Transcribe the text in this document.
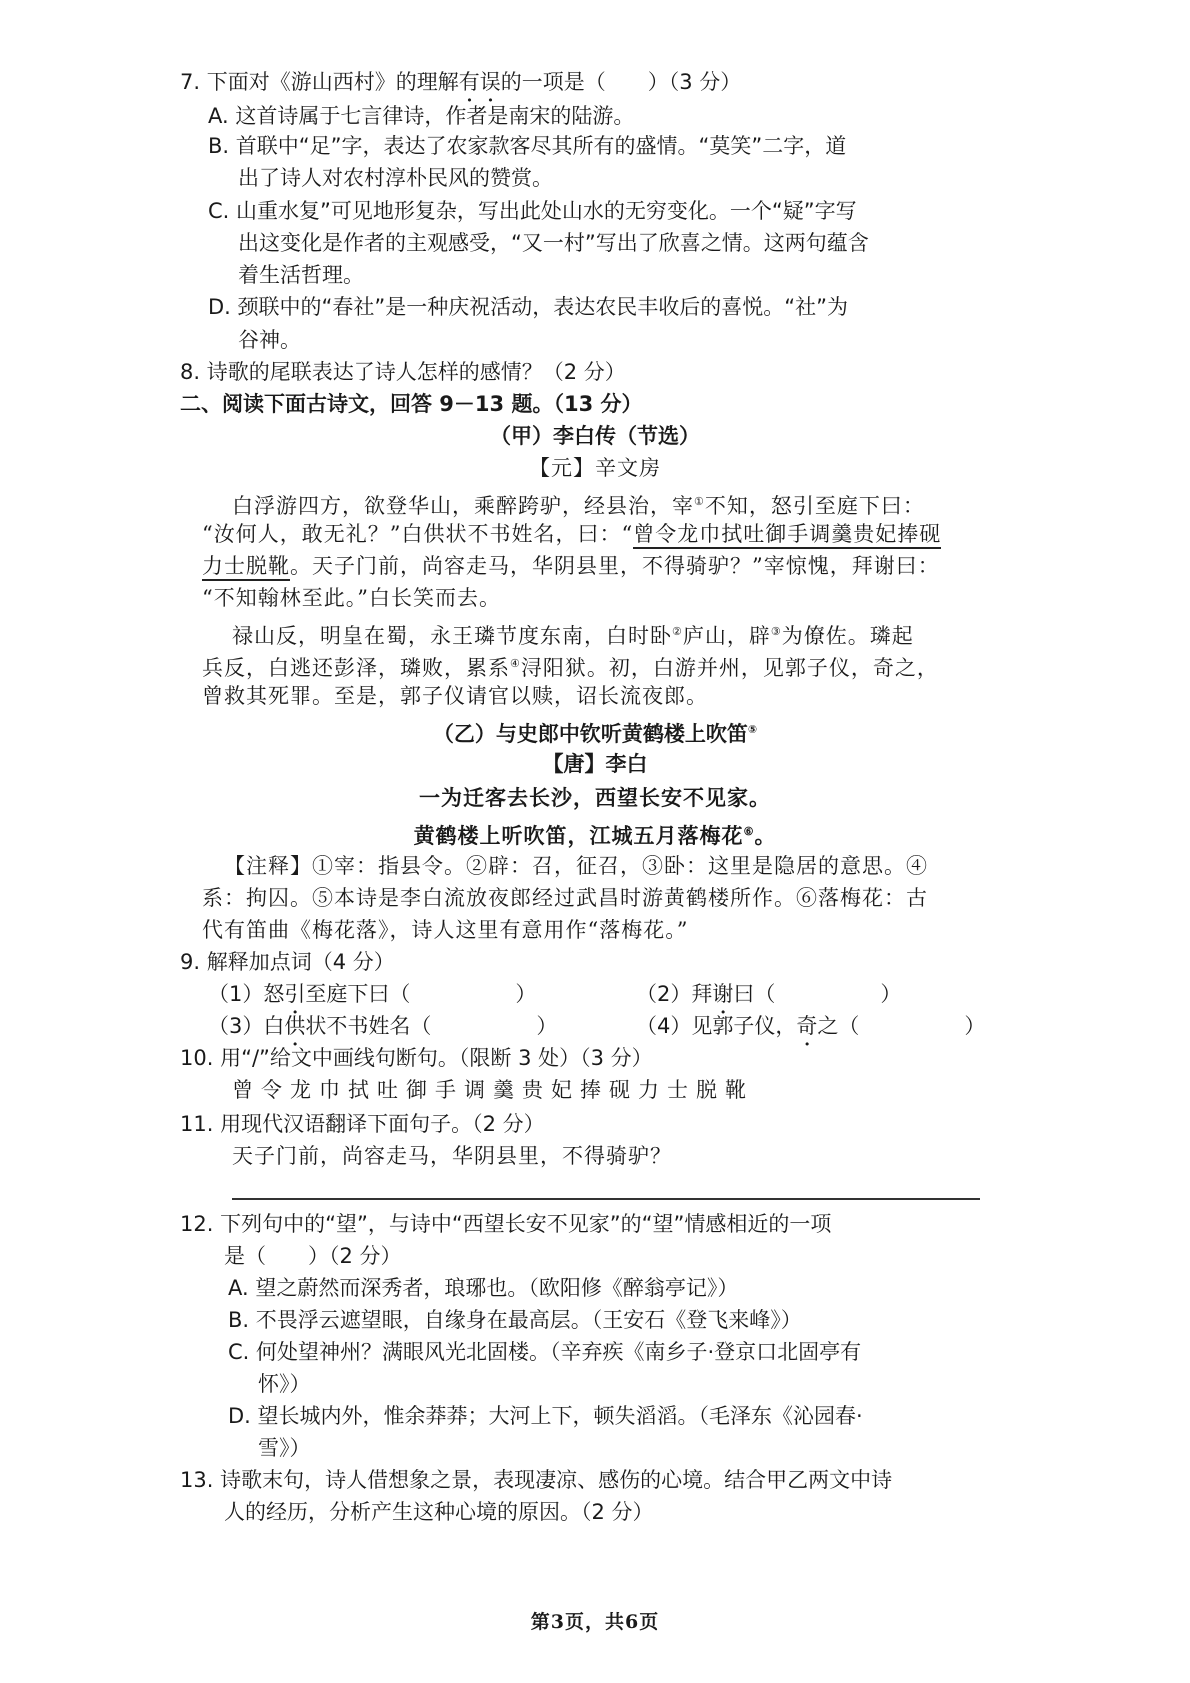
7. 下面对《游山西村》的理解有误的一项是（　　）（3 分）
A. 这首诗属于七言律诗，作者是南宋的陆游。
B. 首联中“足”字，表达了农家款客尽其所有的盛情。“莫笑”二字，道
出了诗人对农村淳朴民风的赞赏。
C. 山重水复”可见地形复杂，写出此处山水的无穷变化。一个“疑”字写
出这变化是作者的主观感受，“又一村”写出了欣喜之情。这两句蕴含
着生活哲理。
D. 颈联中的“春社”是一种庆祝活动，表达农民丰收后的喜悦。“社”为
谷神。
8. 诗歌的尾联表达了诗人怎样的感情？（2 分）
二、阅读下面古诗文，回答 9－13 题。（13 分）
（甲）李白传（节选）
【元】辛文房
白浮游四方，欲登华山，乘醉跨驴，经县治，宰①不知，怒引至庭下曰：
“汝何人，敢无礼？”白供状不书姓名，曰：“曾令龙巾拭吐御手调羹贵妃捧砚
力士脱靴。天子门前，尚容走马，华阴县里，不得骑驴？”宰惊愧，拜谢曰：
“不知翰林至此。”白长笑而去。
禄山反，明皇在蜀，永王璘节度东南，白时卧②庐山，辟③为僚佐。璘起
兵反，白逃还彭泽，璘败，累系④浔阳狱。初，白游并州，见郭子仪，奇之，
曾救其死罪。至是，郭子仪请官以赎，诏长流夜郎。
（乙）与史郎中钦听黄鹤楼上吹笛⑤
【唐】李白
一为迁客去长沙，西望长安不见家。
黄鹤楼上听吹笛，江城五月落梅花⑥。
【注释】①宰：指县令。②辟：召，征召，③卧：这里是隐居的意思。④
系：拘囚。⑤本诗是李白流放夜郎经过武昌时游黄鹤楼所作。⑥落梅花：古
代有笛曲《梅花落》，诗人这里有意用作“落梅花。”
9. 解释加点词（4 分）
（1）怒引至庭下曰（　　　　　）	（2）拜谢曰（　　　　　）
（3）白供状不书姓名（　　　　　）	（4）见郭子仪，奇之（　　　　　）
10. 用“/”给文中画线句断句。（限断 3 处）（3 分）
曾令龙巾拭吐御手调羹贵妃捧砚力士脱靴
11. 用现代汉语翻译下面句子。（2 分）
天子门前，尚容走马，华阴县里，不得骑驴？
12. 下列句中的“望”，与诗中“西望长安不见家”的“望”情感相近的一项
是（　　）（2 分）
A. 望之蔚然而深秀者，琅琊也。（欧阳修《醉翁亭记》）
B. 不畏浮云遮望眼，自缘身在最高层。（王安石《登飞来峰》）
C. 何处望神州？满眼风光北固楼。（辛弃疾《南乡子·登京口北固亭有
怀》）
D. 望长城内外，惟余莽莽；大河上下，顿失滔滔。（毛泽东《沁园春·
雪》）
13. 诗歌末句，诗人借想象之景，表现凄凉、感伤的心境。结合甲乙两文中诗
人的经历，分析产生这种心境的原因。（2 分）
第3页，共6页
